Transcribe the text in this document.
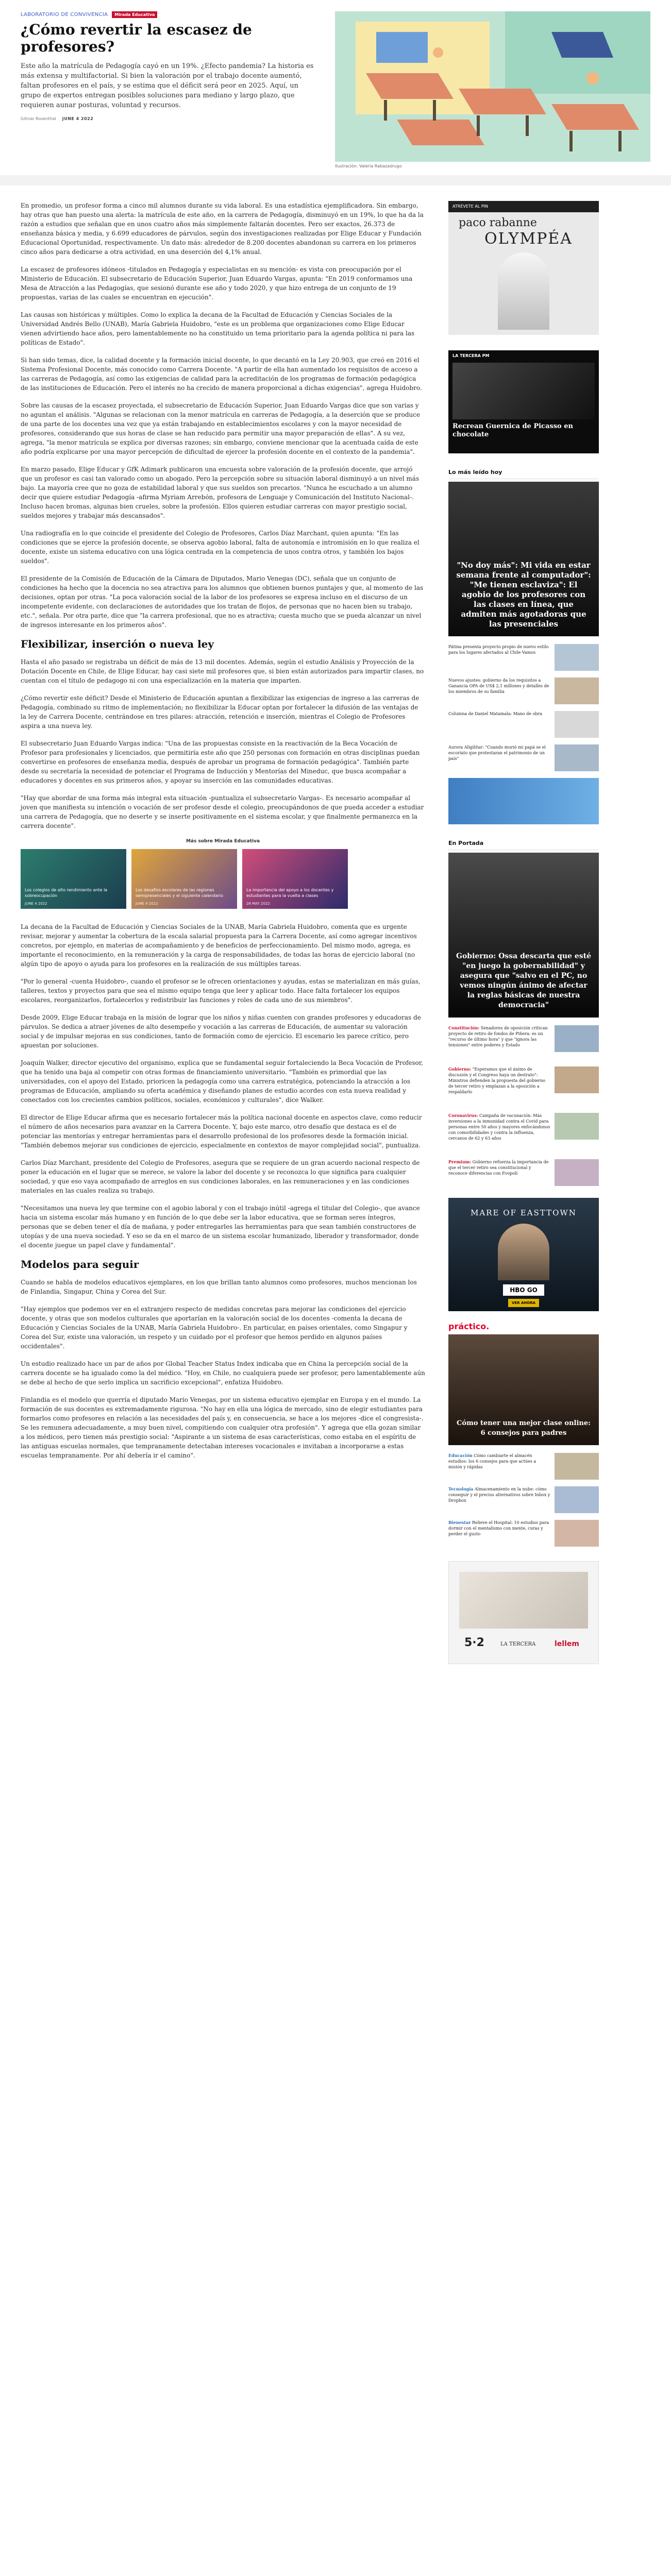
LABORATORIO DE CONVIVENCIA	Mirada Educativa
¿Cómo revertir la escasez de profesores?

Este año la matrícula de Pedagogía cayó en un 19%. ¿Efecto pandemia? La historia es más extensa y multifactorial. Si bien la valoración por el trabajo docente aumentó, faltan profesores en el país, y se estima que el déficit será peor en 2025. Aquí, un grupo de expertos entregan posibles soluciones para mediano y largo plazo, que requieren aunar posturas, voluntad y recursos.

Gilmar Rosenthal JUNE 4 2022
Ilustración: Valeria Rabazadrugo

En promedio, un profesor forma a cinco mil alumnos durante su vida laboral. Es una estadística ejemplificadora. Sin embargo, hay otras que han puesto una alerta: la matrícula de este año, en la carrera de Pedagogía, disminuyó en un 19%, lo que ha da la razón a estudios que señalan que en unos cuatro años más simplemente faltarán docentes. Pero ser exactos, 26.373 de enseñanza básica y media, y 6.699 educadores de párvulos, según dos investigaciones realizadas por Elige Educar y Fundación Educacional Oportunidad, respectivamente. Un dato más: alrededor de 8.200 docentes abandonan su carrera en los primeros cinco años para dedicarse a otra actividad, en una deserción del 4,1% anual.

La escasez de profesores idóneos -titulados en Pedagogía y especialistas en su mención- es vista con preocupación por el Ministerio de Educación. El subsecretario de Educación Superior, Juan Eduardo Vargas, apunta: "En 2019 conformamos una Mesa de Atracción a las Pedagogías, que sesionó durante ese año y todo 2020, y que hizo entrega de un conjunto de 19 propuestas, varias de las cuales se encuentran en ejecución".

Las causas son históricas y múltiples. Como lo explica la decana de la Facultad de Educación y Ciencias Sociales de la Universidad Andrés Bello (UNAB), María Gabriela Huidobro, "este es un problema que organizaciones como Elige Educar vienen advirtiendo hace años, pero lamentablemente no ha constituido un tema prioritario para la agenda política ni para las políticas de Estado".

Si han sido temas, dice, la calidad docente y la formación inicial docente, lo que decantó en la Ley 20.903, que creó en 2016 el Sistema Profesional Docente, más conocido como Carrera Docente. "A partir de ella han aumentado los requisitos de acceso a las carreras de Pedagogía, así como las exigencias de calidad para la acreditación de los programas de formación pedagógica de las instituciones de Educación. Pero el interés no ha crecido de manera proporcional a dichas exigencias", agrega Huidobro.

Sobre las causas de la escasez proyectada, el subsecretario de Educación Superior, Juan Eduardo Vargas dice que son varias y no aguntan el análisis. "Algunas se relacionan con la menor matrícula en carreras de Pedagogía, a la deserción que se produce de una parte de los docentes una vez que ya están trabajando en establecimientos escolares y con la mayor necesidad de profesores, considerando que sus horas de clase se han reducido para permitir una mayor preparación de ellas". A su vez, agrega, "la menor matrícula se explica por diversas razones; sin embargo, conviene mencionar que la acentuada caída de este año podría explicarse por una mayor percepción de dificultad de ejercer la profesión docente en el contexto de la pandemia".

En marzo pasado, Elige Educar y GfK Adimark publicaron una encuesta sobre valoración de la profesión docente, que arrojó que un profesor es casi tan valorado como un abogado. Pero la percepción sobre su situación laboral disminuyó a un nivel más bajo. La mayoría cree que no goza de estabilidad laboral y que sus sueldos son precarios. "Nunca he escuchado a un alumno decir que quiere estudiar Pedagogía -afirma Myriam Arrebón, profesora de Lenguaje y Comunicación del Instituto Nacional-. Incluso hacen bromas, algunas bien crueles, sobre la profesión. Ellos quieren estudiar carreras con mayor prestigio social, sueldos mejores y trabajar más descansados".

Una radiografía en lo que coincide el presidente del Colegio de Profesores, Carlos Díaz Marchant, quien apunta: "En las condiciones que se ejerce la profesión docente, se observa agobio laboral, falta de autonomía e intromisión en lo que realiza el docente, existe un sistema educativo con una lógica centrada en la competencia de unos contra otros, y también los bajos sueldos".

El presidente de la Comisión de Educación de la Cámara de Diputados, Mario Venegas (DC), señala que un conjunto de condiciones ha hecho que la docencia no sea atractiva para los alumnos que obtienen buenos puntajes y que, al momento de las decisiones, optan por otras. "La poca valoración social de la labor de los profesores se expresa incluso en el discurso de un incompetente evidente, con declaraciones de autoridades que los tratan de flojos, de personas que no hacen bien su trabajo, etc.", señala. Por otra parte, dice que "la carrera profesional, que no es atractiva; cuesta mucho que se pueda alcanzar un nivel de ingresos interesante en los primeros años".

Flexibilizar, inserción o nueva ley

Hasta el año pasado se registraba un déficit de más de 13 mil docentes. Además, según el estudio Análisis y Proyección de la Dotación Docente en Chile, de Elige Educar, hay casi siete mil profesores que, si bien están autorizados para impartir clases, no cuentan con el título de pedagogo ni con una especialización en la materia que imparten.

¿Cómo revertir este déficit? Desde el Ministerio de Educación apuntan a flexibilizar las exigencias de ingreso a las carreras de Pedagogía, combinado su ritmo de implementación; no flexibilizar la Educar optan por fortalecer la difusión de las ventajas de la ley de Carrera Docente, centrándose en tres pilares: atracción, retención e inserción, mientras el Colegio de Profesores aspira a una nueva ley.

El subsecretario Juan Eduardo Vargas indica: "Una de las propuestas consiste en la reactivación de la Beca Vocación de Profesor para profesionales y licenciados, que permitiría este año que 250 personas con formación en otras disciplinas puedan convertirse en profesores de enseñanza media, después de aprobar un programa de formación pedagógica". También parte desde su secretaría la necesidad de potenciar el Programa de Inducción y Mentorías del Mineduc, que busca acompañar a educadores y docentes en sus primeros años, y apoyar su inserción en las comunidades educativas.

"Hay que abordar de una forma más integral esta situación -puntualiza el subsecretario Vargas-. Es necesario acompañar al joven que manifiesta su intención o vocación de ser profesor desde el colegio, preocupándonos de que pueda acceder a estudiar una carrera de Pedagogía, que no deserte y se inserte positivamente en el sistema escolar, y que finalmente permanezca en la carrera docente".

Más sobre Mirada Educativa
Los colegios de alto rendimiento ante la sobreocupación
JUNE 4 2022
Los desafíos escolares de las regiones semipresenciales y el siguiente calendario
JUNE 4 2022
La importancia del apoyo a los docentes y estudiantes para la vuelta a clases
28 MAY 2022

La decana de la Facultad de Educación y Ciencias Sociales de la UNAB, María Gabriela Huidobro, comenta que es urgente revisar, mejorar y aumentar la cobertura de la escala salarial propuesta para la Carrera Docente, así como agregar incentivos concretos, por ejemplo, en materias de acompañamiento y de beneficios de perfeccionamiento. Del mismo modo, agrega, es importante el reconocimiento, en la remuneración y la carga de responsabilidades, de todas las horas de ejercicio laboral (no algún tipo de apoyo o ayuda para los profesores en la realización de sus múltiples tareas.

"Por lo general -cuenta Huidobro-, cuando el profesor se le ofrecen orientaciones y ayudas, estas se materializan en más guías, talleres, textos y proyectos para que sea el mismo equipo tenga que leer y aplicar todo. Hace falta fortalecer los equipos escolares, reorganizarlos, fortalecerlos y redistribuir las funciones y roles de cada uno de sus miembros".

Desde 2009, Elige Educar trabaja en la misión de lograr que los niños y niñas cuenten con grandes profesores y educadoras de párvulos. Se dedica a atraer jóvenes de alto desempeño y vocación a las carreras de Educación, de aumentar su valoración social y de impulsar mejoras en sus condiciones, tanto de formación como de ejercicio. El escenario les parece crítico, pero apuestan por soluciones.

Joaquín Walker, director ejecutivo del organismo, explica que se fundamental seguir fortaleciendo la Beca Vocación de Profesor, que ha tenido una baja al competir con otras formas de financiamiento universitario. "También es primordial que las universidades, con el apoyo del Estado, prioricen la pedagogía como una carrera estratégica, potenciando la atracción a los programas de Educación, ampliando su oferta académica y diseñando planes de estudio acordes con esta nueva realidad y conectados con los crecientes cambios políticos, sociales, económicos y culturales", dice Walker.

El director de Elige Educar afirma que es necesario fortalecer más la política nacional docente en aspectos clave, como reducir el número de años necesarios para avanzar en la Carrera Docente. Y, bajo este marco, otro desafío que destaca es el de potenciar las mentorías y entregar herramientas para el desarrollo profesional de los profesores desde la formación inicial. "También debemos mejorar sus condiciones de ejercicio, especialmente en contextos de mayor complejidad social", puntualiza.

Carlos Díaz Marchant, presidente del Colegio de Profesores, asegura que se requiere de un gran acuerdo nacional respecto de poner la educación en el lugar que se merece, se valore la labor del docente y se reconozca lo que significa para cualquier sociedad, y que eso vaya acompañado de arreglos en sus condiciones laborales, en las remuneraciones y en las condiciones materiales en las cuales realiza su trabajo.

"Necesitamos una nueva ley que termine con el agobio laboral y con el trabajo inútil -agrega el titular del Colegio-, que avance hacia un sistema escolar más humano y en función de lo que debe ser la labor educativa, que se forman seres íntegros, personas que se deben tener el día de mañana, y poder entregarles las herramientas para que sean también constructores de utopías y de una nueva sociedad. Y eso se da en el marco de un sistema escolar humanizado, liberador y transformador, donde el docente juegue un papel clave y fundamental".

Modelos para seguir

Cuando se habla de modelos educativos ejemplares, en los que brillan tanto alumnos como profesores, muchos mencionan los de Finlandia, Singapur, China y Corea del Sur.

"Hay ejemplos que podemos ver en el extranjero respecto de medidas concretas para mejorar las condiciones del ejercicio docente, y otras que son modelos culturales que aportarían en la valoración social de los docentes -comenta la decana de Educación y Ciencias Sociales de la UNAB, María Gabriela Huidobro-. En particular, en países orientales, como Singapur y Corea del Sur, existe una valoración, un respeto y un cuidado por el profesor que hemos perdido en algunos países occidentales".

Un estudio realizado hace un par de años por Global Teacher Status Index indicaba que en China la percepción social de la carrera docente se ha igualado como la del médico. "Hoy, en Chile, no cualquiera puede ser profesor, pero lamentablemente aún se debe al hecho de que serlo implica un sacrificio excepcional", enfatiza Huidobro.

Finlandia es el modelo que querría el diputado Mario Venegas, por un sistema educativo ejemplar en Europa y en el mundo. La formación de sus docentes es extremadamente rigurosa. "No hay en ella una lógica de mercado, sino de elegir estudiantes para formarlos como profesores en relación a las necesidades del país y, en consecuencia, se hace a los mejores -dice el congresista-. Se les remunera adecuadamente, a muy buen nivel, compitiendo con cualquier otra profesión". Y agrega que ella gozan similar a los médicos, pero tienen más prestigio social: "Aspirante a un sistema de esas características, como estaba en el espíritu de las antiguas escuelas normales, que tempranamente detectaban intereses vocacionales e invitaban a incorporarse a estas escuelas tempranamente. Por ahí debería ir el camino".

ATRÉVETE AL PIN
paco rabanne
OLYMPÉA
LA TERCERA PM
Recrean Guernica de Picasso en chocolate
Lo más leído hoy
"No doy más": Mi vida en estar semana frente al computador": "Me tienen esclaviza": El agobio de los profesores con las clases en línea, que admiten más agotadoras que las presenciales
Pátina presenta proyecto propio de nuevo estilo para los lugares afectados al Chile Vamos
Nuevos ajustes: gobierno da los requisitos a Ganancia OPA de US$ 2,1 millones y detalles de los miembros de su familia
Columna de Daniel Matamala: Mano de obra
Aurora Aligilitar: "Cuando murió mi papá se el escoriato que protestaran el patrimonio de un país"
En Portada
Gobierno: Ossa descarta que esté "en juego la gobernabilidad" y asegura que "salvo en el PC, no vemos ningún ánimo de afectar la reglas básicas de nuestra democracia"
Constitución: Senadores de oposición critican proyecto de retiro de fondos de Piñera: es un "recurso de último hora" y que "ignora las tensiones" entre poderes y Estado
Gobierno: "Esperamos que el ánimo de discusión y el Congreso haya un destrato": Ministros defienden la propuesta del gobierno de tercer retiro y emplazan a la oposición a respaldarlo
Coronavirus: Campaña de vacunación: Más inversiones a la inmunidad contra el Covid para personas entre 50 años y mayores enfocándonos con comorbilidades y contra la influenza, cercanos de 62 y 63 años
Premium: Gobierno refuerza la importancia de que el tercer retiro sea constitucional y reconoce diferencias con Evopoli
MARE OF EASTTOWN
HBO GO
VER AHORA
práctico.
Cómo tener una mejor clase online: 6 consejos para padres
Educación Cómo cambiarte el almacén estudios: los 6 consejos para que actúes a misión y rápidas
Tecnología Almacenamiento en la nube: cómo conseguir y el precios alternativos sobre Inbox y Dropbox
Bienestar Relieve el Hospital: 10 estudios para dormir con el mentalismo con mente, curas y perder el gusto
5·2	LA TERCERA	lellem
